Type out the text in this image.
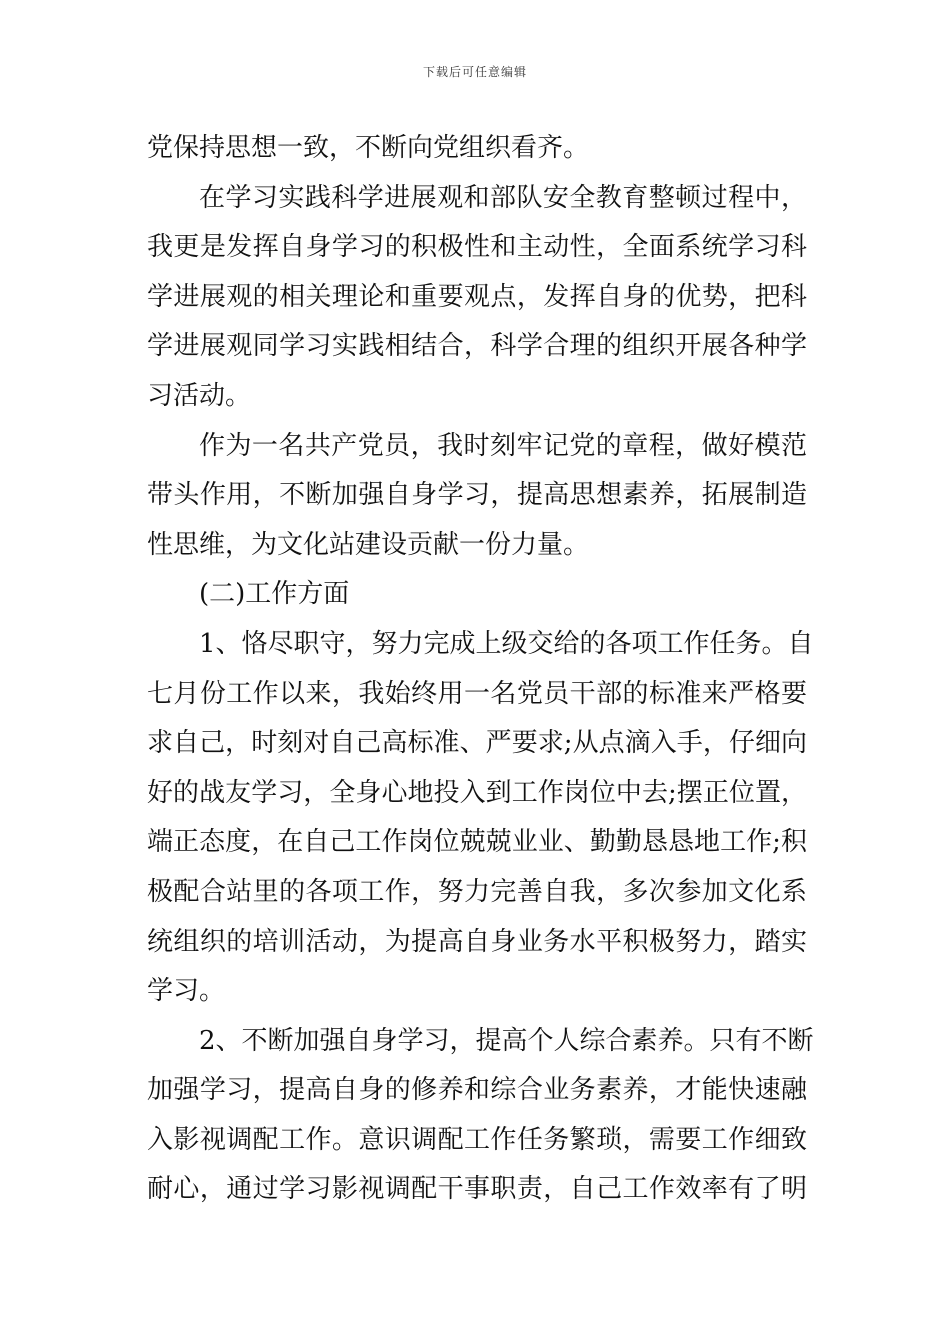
下载后可任意编辑
党保持思想一致，不断向党组织看齐。
在学习实践科学进展观和部队安全教育整顿过程中，
我更是发挥自身学习的积极性和主动性，全面系统学习科
学进展观的相关理论和重要观点，发挥自身的优势，把科
学进展观同学习实践相结合，科学合理的组织开展各种学
习活动。
作为一名共产党员，我时刻牢记党的章程，做好模范
带头作用，不断加强自身学习，提高思想素养，拓展制造
性思维，为文化站建设贡献一份力量。
(二)工作方面
1、恪尽职守，努力完成上级交给的各项工作任务。自
七月份工作以来，我始终用一名党员干部的标准来严格要
求自己，时刻对自己高标准、严要求;从点滴入手，仔细向
好的战友学习，全身心地投入到工作岗位中去;摆正位置，
端正态度，在自己工作岗位兢兢业业、勤勤恳恳地工作;积
极配合站里的各项工作，努力完善自我，多次参加文化系
统组织的培训活动，为提高自身业务水平积极努力，踏实
学习。
2、不断加强自身学习，提高个人综合素养。只有不断
加强学习，提高自身的修养和综合业务素养，才能快速融
入影视调配工作。意识调配工作任务繁琐，需要工作细致
耐心，通过学习影视调配干事职责，自己工作效率有了明
